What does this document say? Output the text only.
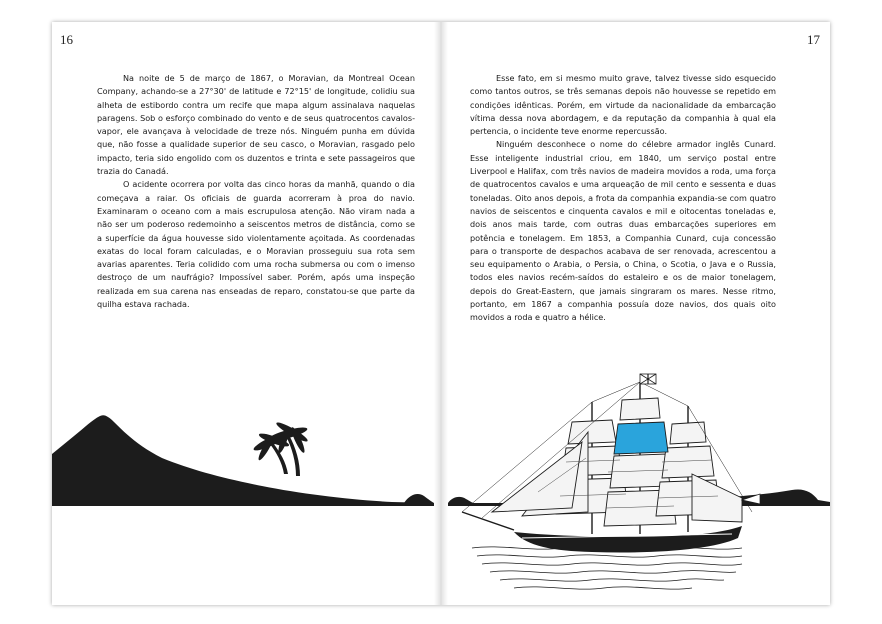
16	17

Na noite de 5 de março de 1867, o Moravian, da Montreal Ocean Company, achando-se a 27°30' de latitude e 72°15' de longitude, colidiu sua alheta de estibordo contra um recife que mapa algum assinalava naquelas paragens. Sob o esforço combinado do vento e de seus quatrocentos cavalos-vapor, ele avançava à velocidade de treze nós. Ninguém punha em dúvida que, não fosse a qualidade superior de seu casco, o Moravian, rasgado pelo impacto, teria sido engolido com os duzentos e trinta e sete passageiros que trazia do Canadá.

O acidente ocorrera por volta das cinco horas da manhã, quando o dia começava a raiar. Os oficiais de guarda acorreram à proa do navio. Examinaram o oceano com a mais escrupulosa atenção. Não viram nada a não ser um poderoso redemoinho a seiscentos metros de distância, como se a superfície da água houvesse sido violentamente açoitada. As coordenadas exatas do local foram calculadas, e o Moravian prosseguiu sua rota sem avarias aparentes. Teria colidido com uma rocha submersa ou com o imenso destroço de um naufrágio? Impossível saber. Porém, após uma inspeção realizada em sua carena nas enseadas de reparo, constatou-se que parte da quilha estava rachada.

Esse fato, em si mesmo muito grave, talvez tivesse sido esquecido como tantos outros, se três semanas depois não houvesse se repetido em condições idênticas. Porém, em virtude da nacionalidade da embarcação vítima dessa nova abordagem, e da reputação da companhia à qual ela pertencia, o incidente teve enorme repercussão.

Ninguém desconhece o nome do célebre armador inglês Cunard. Esse inteligente industrial criou, em 1840, um serviço postal entre Liverpool e Halifax, com três navios de madeira movidos a roda, uma força de quatrocentos cavalos e uma arqueação de mil cento e sessenta e duas toneladas. Oito anos depois, a frota da companhia expandia-se com quatro navios de seiscentos e cinquenta cavalos e mil e oitocentas toneladas e, dois anos mais tarde, com outras duas embarcações superiores em potência e tonelagem. Em 1853, a Companhia Cunard, cuja concessão para o transporte de despachos acabava de ser renovada, acrescentou a seu equipamento o Arabia, o Persia, o China, o Scotia, o Java e o Russia, todos eles navios recém-saídos do estaleiro e os de maior tonelagem, depois do Great-Eastern, que jamais singraram os mares. Nesse ritmo, portanto, em 1867 a companhia possuía doze navios, dos quais oito movidos a roda e quatro a hélice.
